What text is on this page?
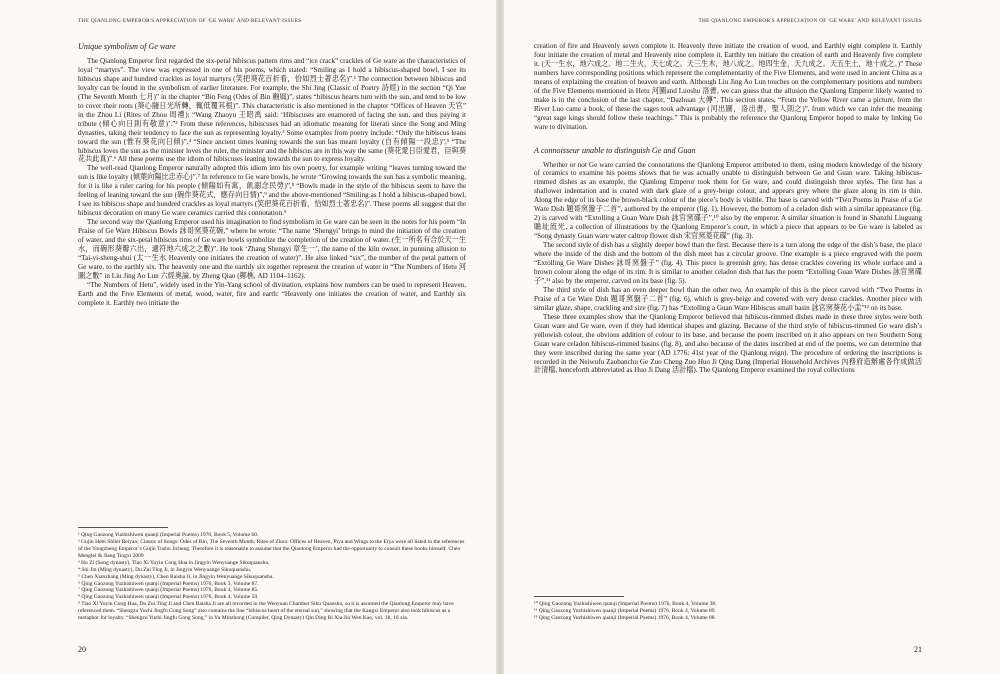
THE QIANLONG EMPEROR'S APPRECIATION OF 'GE WARE' AND RELEVANT ISSUES
Unique symbolism of Ge ware

The Qianlong Emperor first regarded the six-petal hibiscus pattern rims and “ice crack” crackles of Ge ware as the characteristics of loyal “martyrs”. The view was expressed in one of his poems, which stated: “Smiling as I hold a hibiscus-shaped bowl, I see its hibiscus shape and hundred crackles as loyal martyrs (笑把葵花百折看，恰如烈士著忠名)”.¹ The connection between hibiscus and loyalty can be found in the symbolism of earlier literature. For example, the Shi Jing (Classic of Poetry 詩經) in the section “Qi Yue (The Seventh Month 七月)” in the chapter “Bin Feng (Odes of Bin 豳風)”, states “hibiscus hearts turn with the sun, and tend to be low to cover their roots (葵心隨日光所轉，輒低覆其根)”. This characteristic is also mentioned in the chapter “Offices of Heaven 天官” in the Zhou Li (Rites of Zhou 周禮): “Wang Zhaoyu 王昭禹 said: ‘Hibiscuses are enamored of facing the sun, and thus paying it tribute (傾心向日則有敬意)’.”² From these references, hibiscuses had an idiomatic meaning for literati since the Song and Ming dynasties, taking their tendency to face the sun as representing loyalty.³ Some examples from poetry include: “Only the hibiscus leans toward the sun (惟有葵花向日傾)”,⁴ “Since ancient times leaning towards the sun has meant loyalty (自有傾陽一段忠)”,⁵ “The hibiscus loves the sun as the minister loves the ruler, the minister and the hibiscus are in this way the same (葵花愛日臣愛君，臣與葵花共此真)”.⁶ All these poems use the idiom of hibiscuses leaning towards the sun to express loyalty.

The well-read Qianlong Emperor naturally adopted this idiom into his own poetry, for example writing “leaves turning toward the sun is like loyalty (傾葉向陽比忠赤心)”.⁷ In reference to Ge ware bowls, he wrote “Growing towards the sun has a symbolic meaning, for it is like a ruler caring for his people (傾陽如有寓，飢溺念民勞)”,⁸ “Bowls made in the style of the hibiscus seem to have the feeling of leaning toward the sun (碗作葵花式，應存向日情)”,⁹ and the above-mentioned “Smiling as I hold a hibiscus-shaped bowl, I see its hibiscus shape and hundred crackles as loyal martyrs (笑把葵花百折看，恰如烈士著忠名)”. These poems all suggest that the hibiscus decoration on many Ge ware ceramics carried this connotation.⁹

The second way the Qianlong Emperor used his imagination to find symbolism in Ge ware can be seen in the notes for his poem “In Praise of Ge Ware Hibiscus Bowls 詠哥窯葵花碗,” where he wrote: “The name ‘Shengyi’ brings to mind the initiation of the creation of water, and the six-petal hibiscus rims of Ge ware bowls symbolize the completion of the creation of water. (生一所名有合於天一生水，而碗形葵瓣六出，適符地六成之之數)”. He took ‘Zhang Shengyi 章生一’, the name of the kiln owner, in punning allusion to “Tai-yi-sheng-shui (太一生水 Heavenly one initiates the creation of water)”. He also linked “six”, the number of the petal pattern of Ge ware, to the earthly six. The heavenly one and the earthly six together represent the creation of water in “The Numbers of Hetu 河圖之數” in Liu Jing Ao Lun 六經奧論, by Zheng Qiao (鄭樵, AD 1104–1162).

“The Numbers of Hetu”, widely used in the Yin-Yang school of divination, explains how numbers can be used to represent Heaven, Earth and the Five Elements of metal, wood, water, fire and earth: “Heavenly one initiates the creation of water, and Earthly six complete it. Earthly two initiate the

¹ Qing Gaozong Yuzhishiwen quanji (Imperial Poems) 1976, Book 5, Volume 60.

² Gujin Hebi Shilei Beiyao; Classic of Songs: Odes of Bin, The Seventh Month; Rites of Zhou: Offices of Heaven, Piya and Wings to the Erya were all listed in the references of the Yongzheng Emperor’s Gujin Tushu Jicheng. Therefore it is reasonable to assume that the Qianlong Emperor had the opportunity to consult these books himself. Chen Menglei & Jiang Tingxi 2009

³ Hu Zi (Song dynasty), Tiao Xi Yuyin Cong Hua in Jingyin Wenyuange Sikuquanshu.

⁴ Shi Jin (Ming dynasty), Du Zui Ting Ji, in Jingyin Wenyuange Sikuquanshu.

⁵ Chen Xianzhang (Ming dynasty), Chen Baisha Ji, in Jingyin Wenyuange Sikuquanshu.

⁶ Qing Gaozong Yuzhishiwen quanji (Imperial Poems) 1976, Book 3, Volume 87.

⁷ Qing Gaozong Yuzhishiwen quanji (Imperial Poems) 1976, Book 4, Volume 85.

⁸ Qing Gaozong Yuzhishiwen quanji (Imperial Poems) 1976, Book 4, Volume 59.

⁹ Tiao Xi Yuyin Cong Hua, Du Zui Ting Ji and Chen Baisha Ji are all recorded in the Wenyuan Chamber Siku Quanshu, so it is assumed the Qianlong Emperor may have referenced them. “Shengzu Yuzhi Jingfu Gong Song” also contains the line “hibiscus heart of the eternal sun,” showing that the Kangxi Emperor also took hibiscus as a metaphor for loyalty. “Shengzu Yuzhi Jingfu Gong Song,” in Yu Minzhong (Compiler, Qing Dynasty) Qin Ding Ri Xia Jiu Wen Kao, vol. 18, 16 xia.

20
THE QIANLONG EMPEROR'S APPRECIATION OF 'GE WARE' AND RELEVANT ISSUES

creation of fire and Heavenly seven complete it. Heavenly three initiate the creation of wood, and Earthly eight complete it. Earthly four initiate the creation of metal and Heavenly nine complete it. Earthly ten initiate the creation of earth and Heavenly five complete it. (天一生水，地六成之。地二生火，天七成之。天三生木，地八成之。地四生金，天九成之。天五生土，地十成之。)” These numbers have corresponding positions which represent the complementarity of the Five Elements, and were used in ancient China as a means of explaining the creation of heaven and earth. Although Liu Jing Ao Lun touches on the complementary positions and numbers of the Five Elements mentioned in Hetu 河圖and Luoshu 洛書, we can guess that the allusion the Qianlong Emperor likely wanted to make is in the conclusion of the last chapter, “Dazhuan 大傳”. This section states, “From the Yellow River came a picture, from the River Luo came a book, of these the sages took advantage (河出圖，洛出書，聖人則之)”, from which we can infer the meaning “great sage kings should follow these teachings.” This is probably the reference the Qianlong Emperor hoped to make by linking Ge ware to divination.

A connoisseur unable to distinguish Ge and Guan

Whether or not Ge ware carried the connotations the Qianlong Emperor attributed to them, using modern knowledge of the history of ceramics to examine his poems shows that he was actually unable to distinguish between Ge and Guan ware. Taking hibiscus-rimmed dishes as an example, the Qianlong Emperor took them for Ge ware, and could distinguish three styles. The first has a shallower indentation and is coated with dark glaze of a grey-beige colour, and appears grey where the glaze along its rim is thin. Along the edge of its base the brown-black colour of the piece’s body is visible. The base is carved with “Two Poems in Praise of a Ge Ware Dish 題哥窯盤子二首”, authored by the emperor (fig. 1). However, the bottom of a celadon dish with a similar appearance (fig. 2) is carved with “Extolling a Guan Ware Dish 詠官窯碟子”,¹⁰ also by the emperor. A similar situation is found in Shanzhi Liuguang 贍址流光, a collection of illustrations by the Qianlong Emperor’s court, in which a piece that appears to be Ge ware is labeled as “Song dynasty Guan ware water caltrop flower dish 宋官窯菱花碟” (fig. 3).

The second style of dish has a slightly deeper bowl than the first. Because there is a turn along the edge of the dish’s base, the place where the inside of the dish and the bottom of the dish meet has a circular groove. One example is a piece engraved with the poem “Extolling Ge Ware Dishes 詠哥窯盤子” (fig. 4). This piece is greenish grey, has dense crackles covering its whole surface and a brown colour along the edge of its rim. It is similar to another celadon dish that has the poem “Extolling Guan Ware Dishes 詠官窯碟子”,¹¹ also by the emperor, carved on its base (fig. 5).

The third style of dish has an even deeper bowl than the other two. An example of this is the piece carved with “Two Poems in Praise of a Ge Ware Dish 題哥窯盤子二首” (fig. 6), which is grey-beige and covered with very dense crackles. Another piece with similar glaze, shape, crackling and size (fig. 7) has “Extolling a Guan Ware Hibiscus small basin 詠官窯葵花小盂”¹² on its base.

These three examples show that the Qianlong Emperor believed that hibiscus-rimmed dishes made in these three styles were both Guan ware and Ge ware, even if they had identical shapes and glazing. Because of the third style of hibiscus-rimmed Ge ware dish’s yellowish colour, the obvious addition of colour to its base, and because the poem inscribed on it also appears on two Southern Song Guan ware celadon hibiscus-rimmed basins (fig. 8), and also because of the dates inscribed at end of the poems, we can determine that they were inscribed during the same year (AD 1776; 41st year of the Qianlong reign). The procedure of ordering the inscriptions is recorded in the Neiwufu Zaobanchu Ge Zuo Cheng Zuo Huo Ji Qing Dang (Imperial Household Archives 內務府造辦處各作成做活計清檔, henceforth abbreviated as Huo Ji Dang 活計檔). The Qianlong Emperor examined the royal collections

¹⁰ Qing Gaozong Yuzhishiwen quanji (Imperial Poems) 1976, Book 4, Volume 38.

¹¹ Qing Gaozong Yuzhishiwen quanji (Imperial Poems) 1976, Book 4, Volume 89.

¹² Qing Gaozong Yuzhishiwen quanji (Imperial Poems) 1976, Book 4, Volume 88.

21
